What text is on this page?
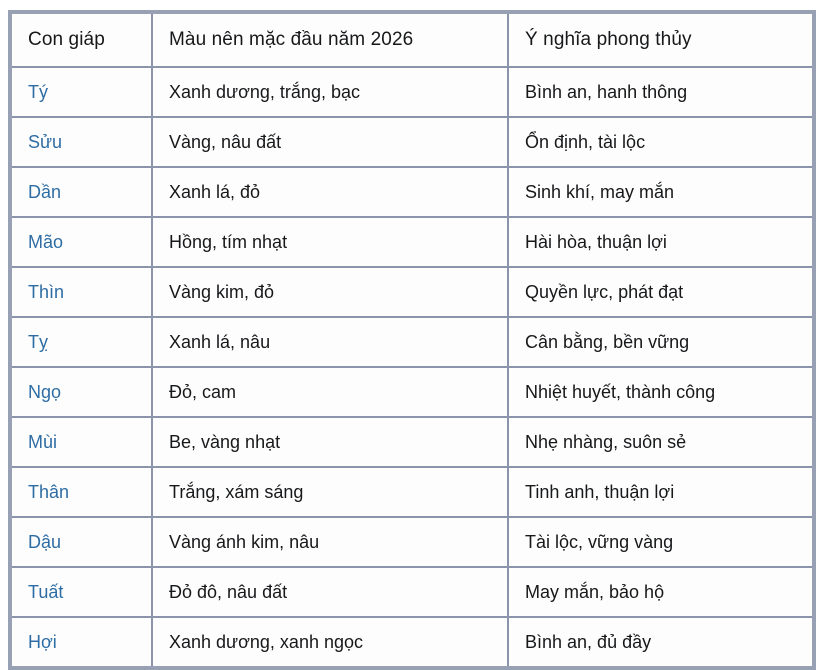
Con giáp	Màu nên mặc đầu năm 2026	Ý nghĩa phong thủy
Tý	Xanh dương, trắng, bạc	Bình an, hanh thông
Sửu	Vàng, nâu đất	Ổn định, tài lộc
Dần	Xanh lá, đỏ	Sinh khí, may mắn
Mão	Hồng, tím nhạt	Hài hòa, thuận lợi
Thìn	Vàng kim, đỏ	Quyền lực, phát đạt
Tỵ	Xanh lá, nâu	Cân bằng, bền vững
Ngọ	Đỏ, cam	Nhiệt huyết, thành công
Mùi	Be, vàng nhạt	Nhẹ nhàng, suôn sẻ
Thân	Trắng, xám sáng	Tinh anh, thuận lợi
Dậu	Vàng ánh kim, nâu	Tài lộc, vững vàng
Tuất	Đỏ đô, nâu đất	May mắn, bảo hộ
Hợi	Xanh dương, xanh ngọc	Bình an, đủ đầy
